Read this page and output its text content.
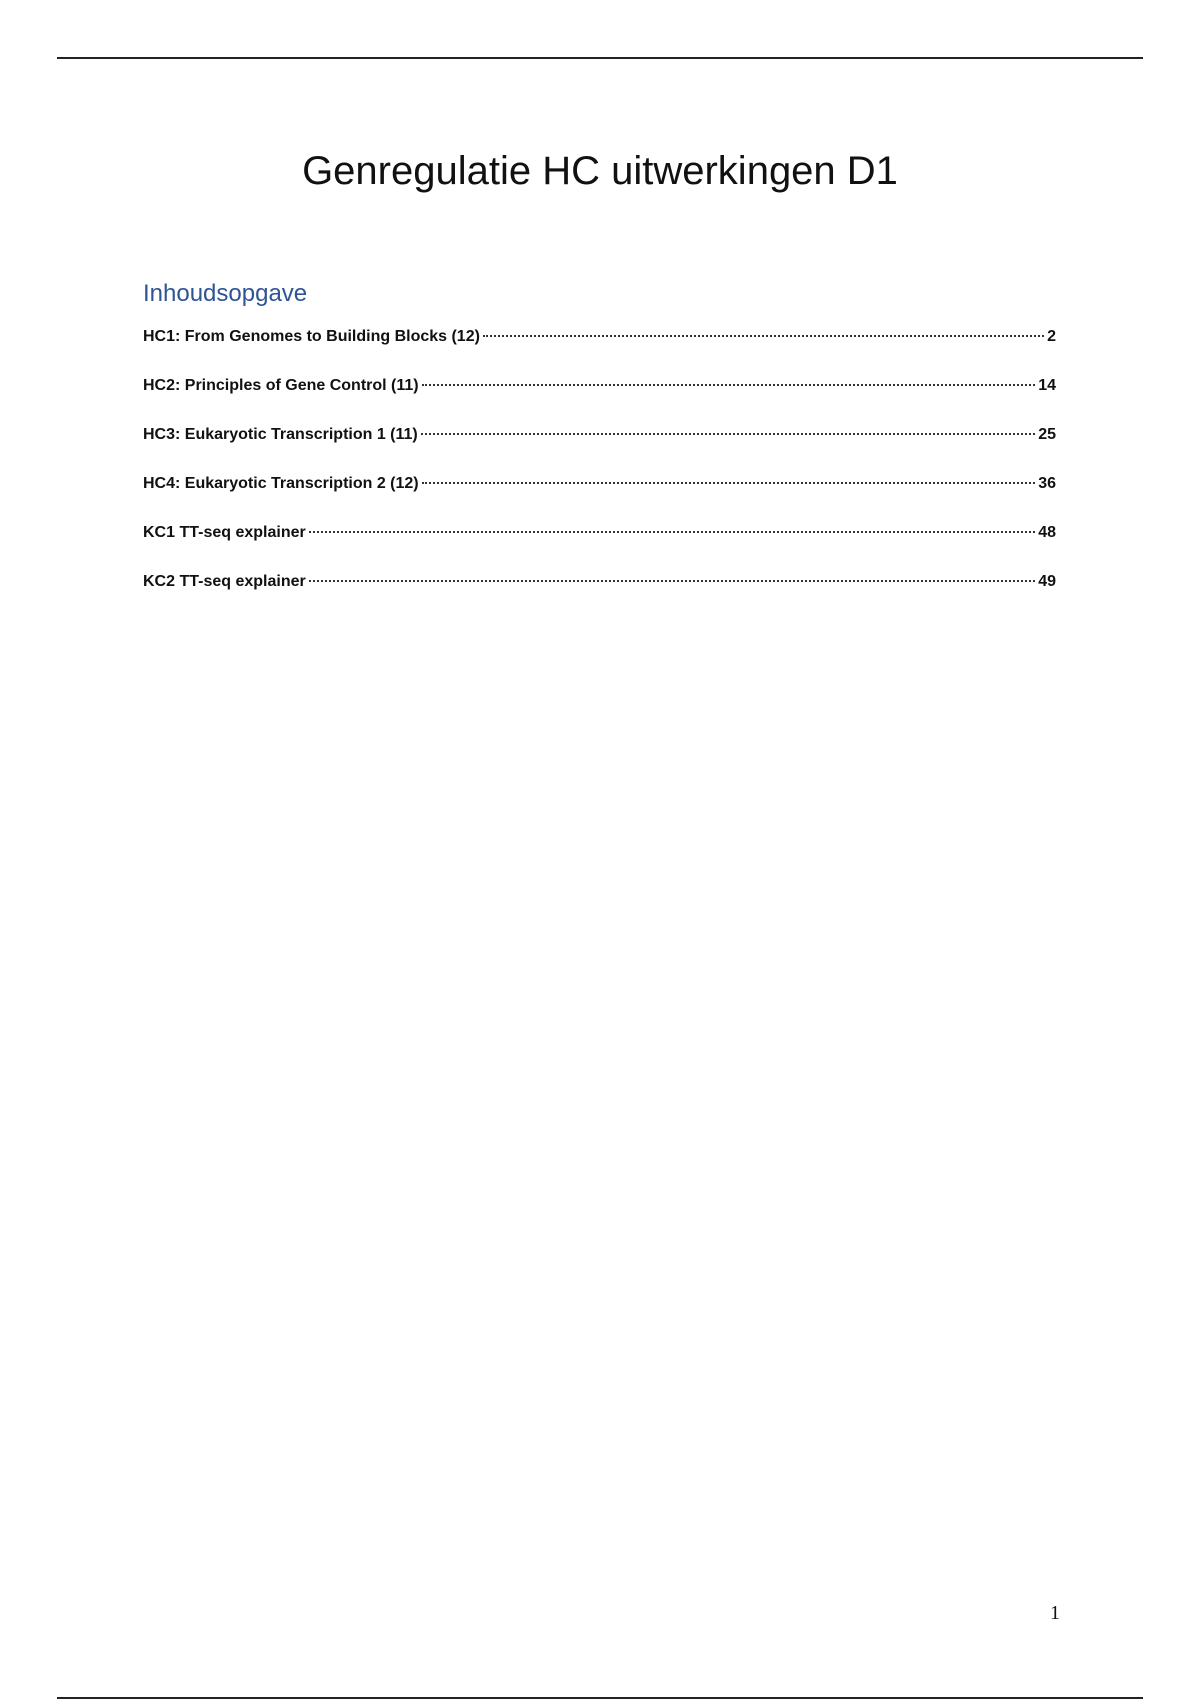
Genregulatie HC uitwerkingen D1
Inhoudsopgave
HC1: From Genomes to Building Blocks (12)	2
HC2: Principles of Gene Control (11)	14
HC3: Eukaryotic Transcription 1 (11)	25
HC4: Eukaryotic Transcription 2 (12)	36
KC1 TT-seq explainer	48
KC2 TT-seq explainer	49
1
